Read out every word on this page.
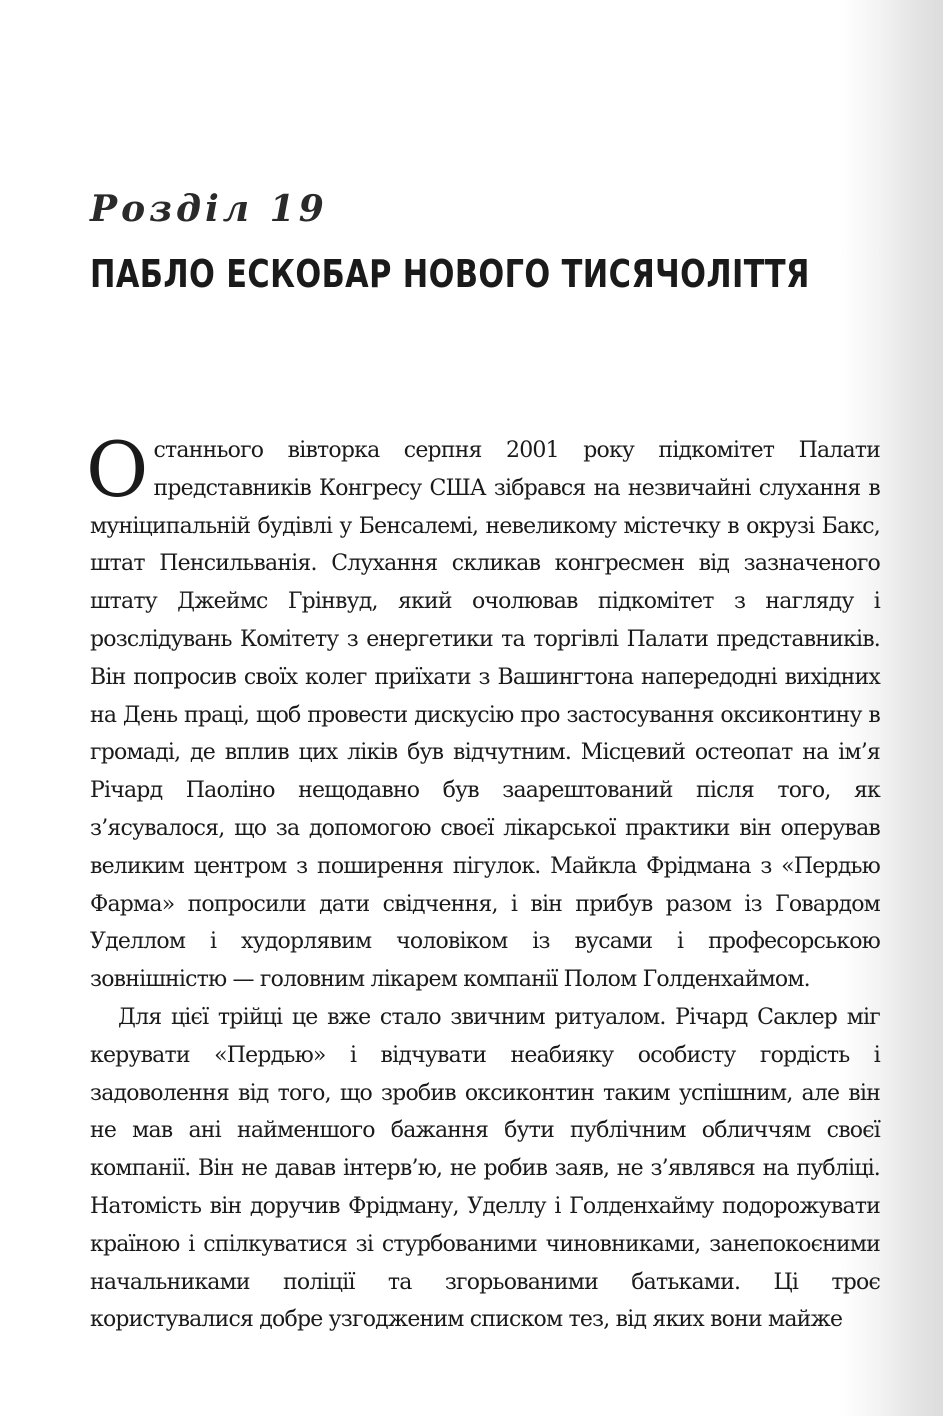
Розділ 19
ПАБЛО ЕСКОБАР НОВОГО ТИСЯЧОЛІТТЯ

Останнього вівторка серпня 2001 року підкомітет Палати представників Конгресу США зібрався на незвичайні слухання в муніципальній будівлі у Бенсалемі, невеликому містечку в окрузі Бакс, штат Пенсильванія. Слухання скликав конгресмен від зазначеного штату Джеймс Грінвуд, який очолював підкомітет з нагляду і розслідувань Комітету з енергетики та торгівлі Палати представників. Він попросив своїх колег приїхати з Вашингтона напередодні вихідних на День праці, щоб провести дискусію про застосування оксиконтину в громаді, де вплив цих ліків був відчутним. Місцевий остеопат на ім’я Річард Паоліно нещодавно був заарештований після того, як з’ясувалося, що за допомогою своєї лікарської практики він оперував великим центром з поширення пігулок. Майкла Фрідмана з «Пердью Фарма» попросили дати свідчення, і він прибув разом із Говардом Уделлом і худорлявим чоловіком із вусами і професорською зовнішністю — головним лікарем компанії Полом Голденхаймом.

Для цієї трійці це вже стало звичним ритуалом. Річард Саклер міг керувати «Пердью» і відчувати неабияку особисту гордість і задоволення від того, що зробив оксиконтин таким успішним, але він не мав ані найменшого бажання бути публічним обличчям своєї компанії. Він не давав інтерв’ю, не робив заяв, не з’являвся на публіці. Натомість він доручив Фрідману, Уделлу і Голденхайму подорожувати країною і спілкуватися зі стурбованими чиновниками, занепокоєними начальниками поліції та згорьованими батьками. Ці троє користувалися добре узгодженим списком тез, від яких вони майже
